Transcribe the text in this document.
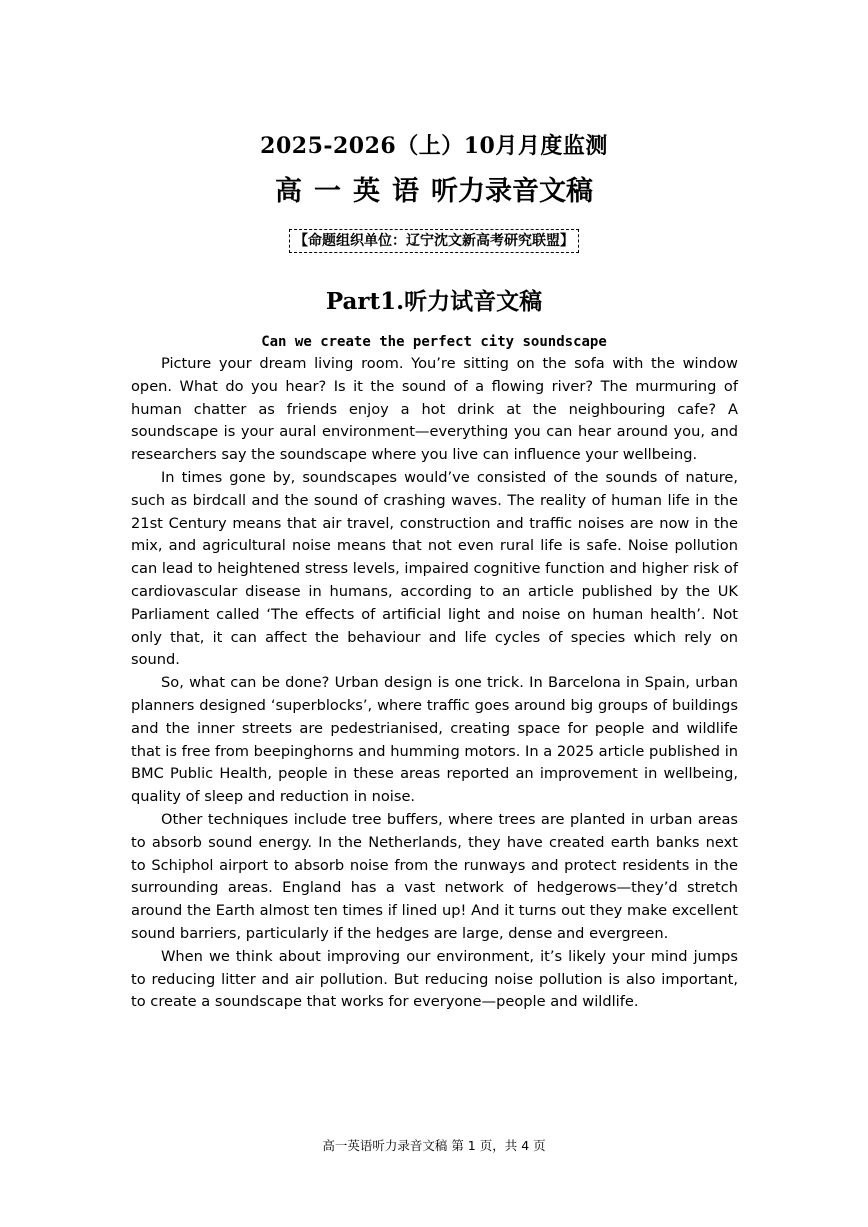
2025-2026（上）10月月度监测
高 一 英 语 听力录音文稿
【命题组织单位：辽宁沈文新高考研究联盟】
Part1.听力试音文稿
Can we create the perfect city soundscape

Picture your dream living room. You’re sitting on the sofa with the window open. What do you hear? Is it the sound of a flowing river? The murmuring of human chatter as friends enjoy a hot drink at the neighbouring cafe? A soundscape is your aural environment—everything you can hear around you, and researchers say the soundscape where you live can influence your wellbeing.

In times gone by, soundscapes would’ve consisted of the sounds of nature, such as birdcall and the sound of crashing waves. The reality of human life in the 21st Century means that air travel, construction and traffic noises are now in the mix, and agricultural noise means that not even rural life is safe. Noise pollution can lead to heightened stress levels, impaired cognitive function and higher risk of cardiovascular disease in humans, according to an article published by the UK Parliament called ‘The effects of artificial light and noise on human health’. Not only that, it can affect the behaviour and life cycles of species which rely on sound.

So, what can be done? Urban design is one trick. In Barcelona in Spain, urban planners designed ‘superblocks’, where traffic goes around big groups of buildings and the inner streets are pedestrianised, creating space for people and wildlife that is free from beepinghorns and humming motors. In a 2025 article published in BMC Public Health, people in these areas reported an improvement in wellbeing, quality of sleep and reduction in noise.

Other techniques include tree buffers, where trees are planted in urban areas to absorb sound energy. In the Netherlands, they have created earth banks next to Schiphol airport to absorb noise from the runways and protect residents in the surrounding areas. England has a vast network of hedgerows—they’d stretch around the Earth almost ten times if lined up! And it turns out they make excellent sound barriers, particularly if the hedges are large, dense and evergreen.

When we think about improving our environment, it’s likely your mind jumps to reducing litter and air pollution. But reducing noise pollution is also important, to create a soundscape that works for everyone—people and wildlife.

高一英语听力录音文稿 第 1 页，共 4 页
